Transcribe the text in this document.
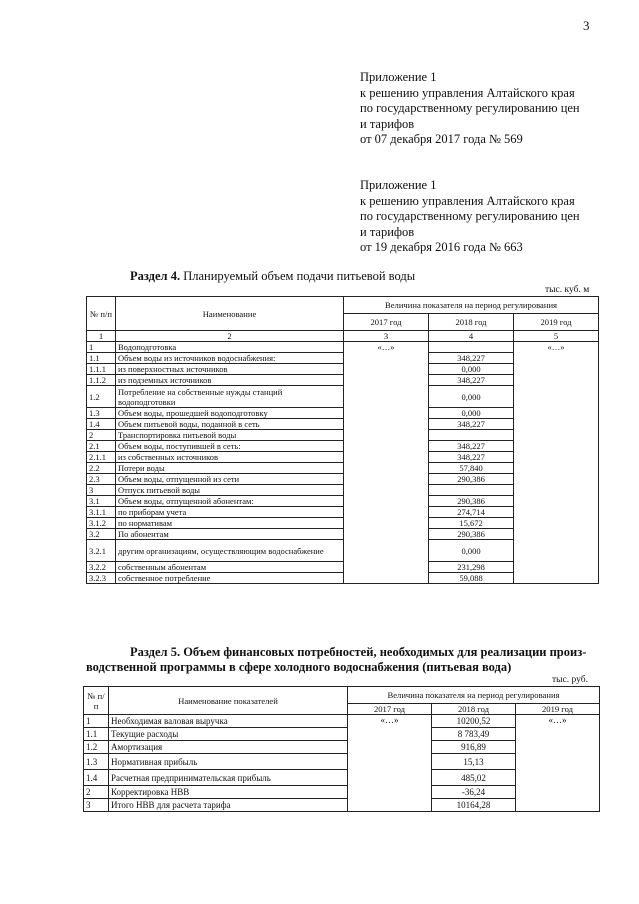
3
Приложение 1
к решению управления Алтайского края
по государственному регулированию цен
и тарифов
от 07 декабря 2017 года № 569
Приложение 1
к решению управления Алтайского края
по государственному регулированию цен
и тарифов
от 19 декабря 2016 года № 663
Раздел 4. Планируемый объем подачи питьевой воды
тыс. куб. м
№ п/п	Наименование	Величина показателя на период регулирования		
		2017 год	2018 год	2019 год
1	2	3	4	5
1	Водоподготовка	«…»		«…»
1.1	Объем воды из источников водоснабжения:		348,227	
1.1.1	из поверхностных источников		0,000	
1.1.2	из подземных источников		348,227	
1.2	Потребление на собственные нужды станций водоподготовки		0,000	
1.3	Объем воды, прошедшей водоподготовку		0,000	
1.4	Объем питьевой воды, поданной в сеть		348,227	
2	Транспортировка питьевой воды			
2.1	Объем воды, поступившей в сеть:		348,227	
2.1.1	из собственных источников		348,227	
2.2	Потери воды		57,840	
2.3	Объем воды, отпущенной из сети		290,386	
3	Отпуск питьевой воды			
3.1	Объем воды, отпущенной абонентам:		290,386	
3.1.1	по приборам учета		274,714	
3.1.2	по нормативам		15,672	
3.2	По абонентам		290,386	
3.2.1	другим организациям, осуществляющим водоснабжение		0,000	
3.2.2	собственным абонентам		231,298	
3.2.3	собственное потребление		59,088	
Раздел 5. Объем финансовых потребностей, необходимых для реализации произ-
водственной программы в сфере холодного водоснабжения (питьевая вода)
тыс. руб.
№ п/п	Наименование показателей	Величина показателя на период регулирования		
		2017 год	2018 год	2019 год
1	Необходимая валовая выручка	«…»	10200,52	«…»
1.1	Текущие расходы		8 783,49	
1.2	Амортизация		916,89	
1.3	Нормативная прибыль		15,13	
1.4	Расчетная предпринимательская прибыль		485,02	
2	Корректировка НВВ		-36,24	
3	Итого НВВ для расчета тарифа		10164,28	
